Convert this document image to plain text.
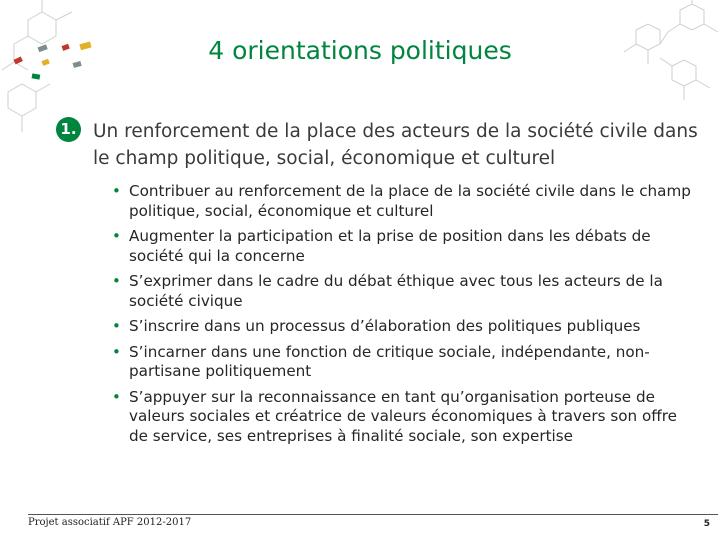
4 orientations politiques
1. Un renforcement de la place des acteurs de la société civile dans le champ politique, social, économique et culturel
• Contribuer au renforcement de la place de la société civile dans le champ politique, social, économique et culturel
• Augmenter la participation et la prise de position dans les débats de société qui la concerne
• S’exprimer dans le cadre du débat éthique avec tous les acteurs de la société civique
• S’inscrire dans un processus d’élaboration des politiques publiques
• S’incarner dans une fonction de critique sociale, indépendante, non-partisane politiquement
• S’appuyer sur la reconnaissance en tant qu’organisation porteuse de valeurs sociales et créatrice de valeurs économiques à travers son offre de service, ses entreprises à finalité sociale, son expertise
Projet associatif APF 2012-2017	5
